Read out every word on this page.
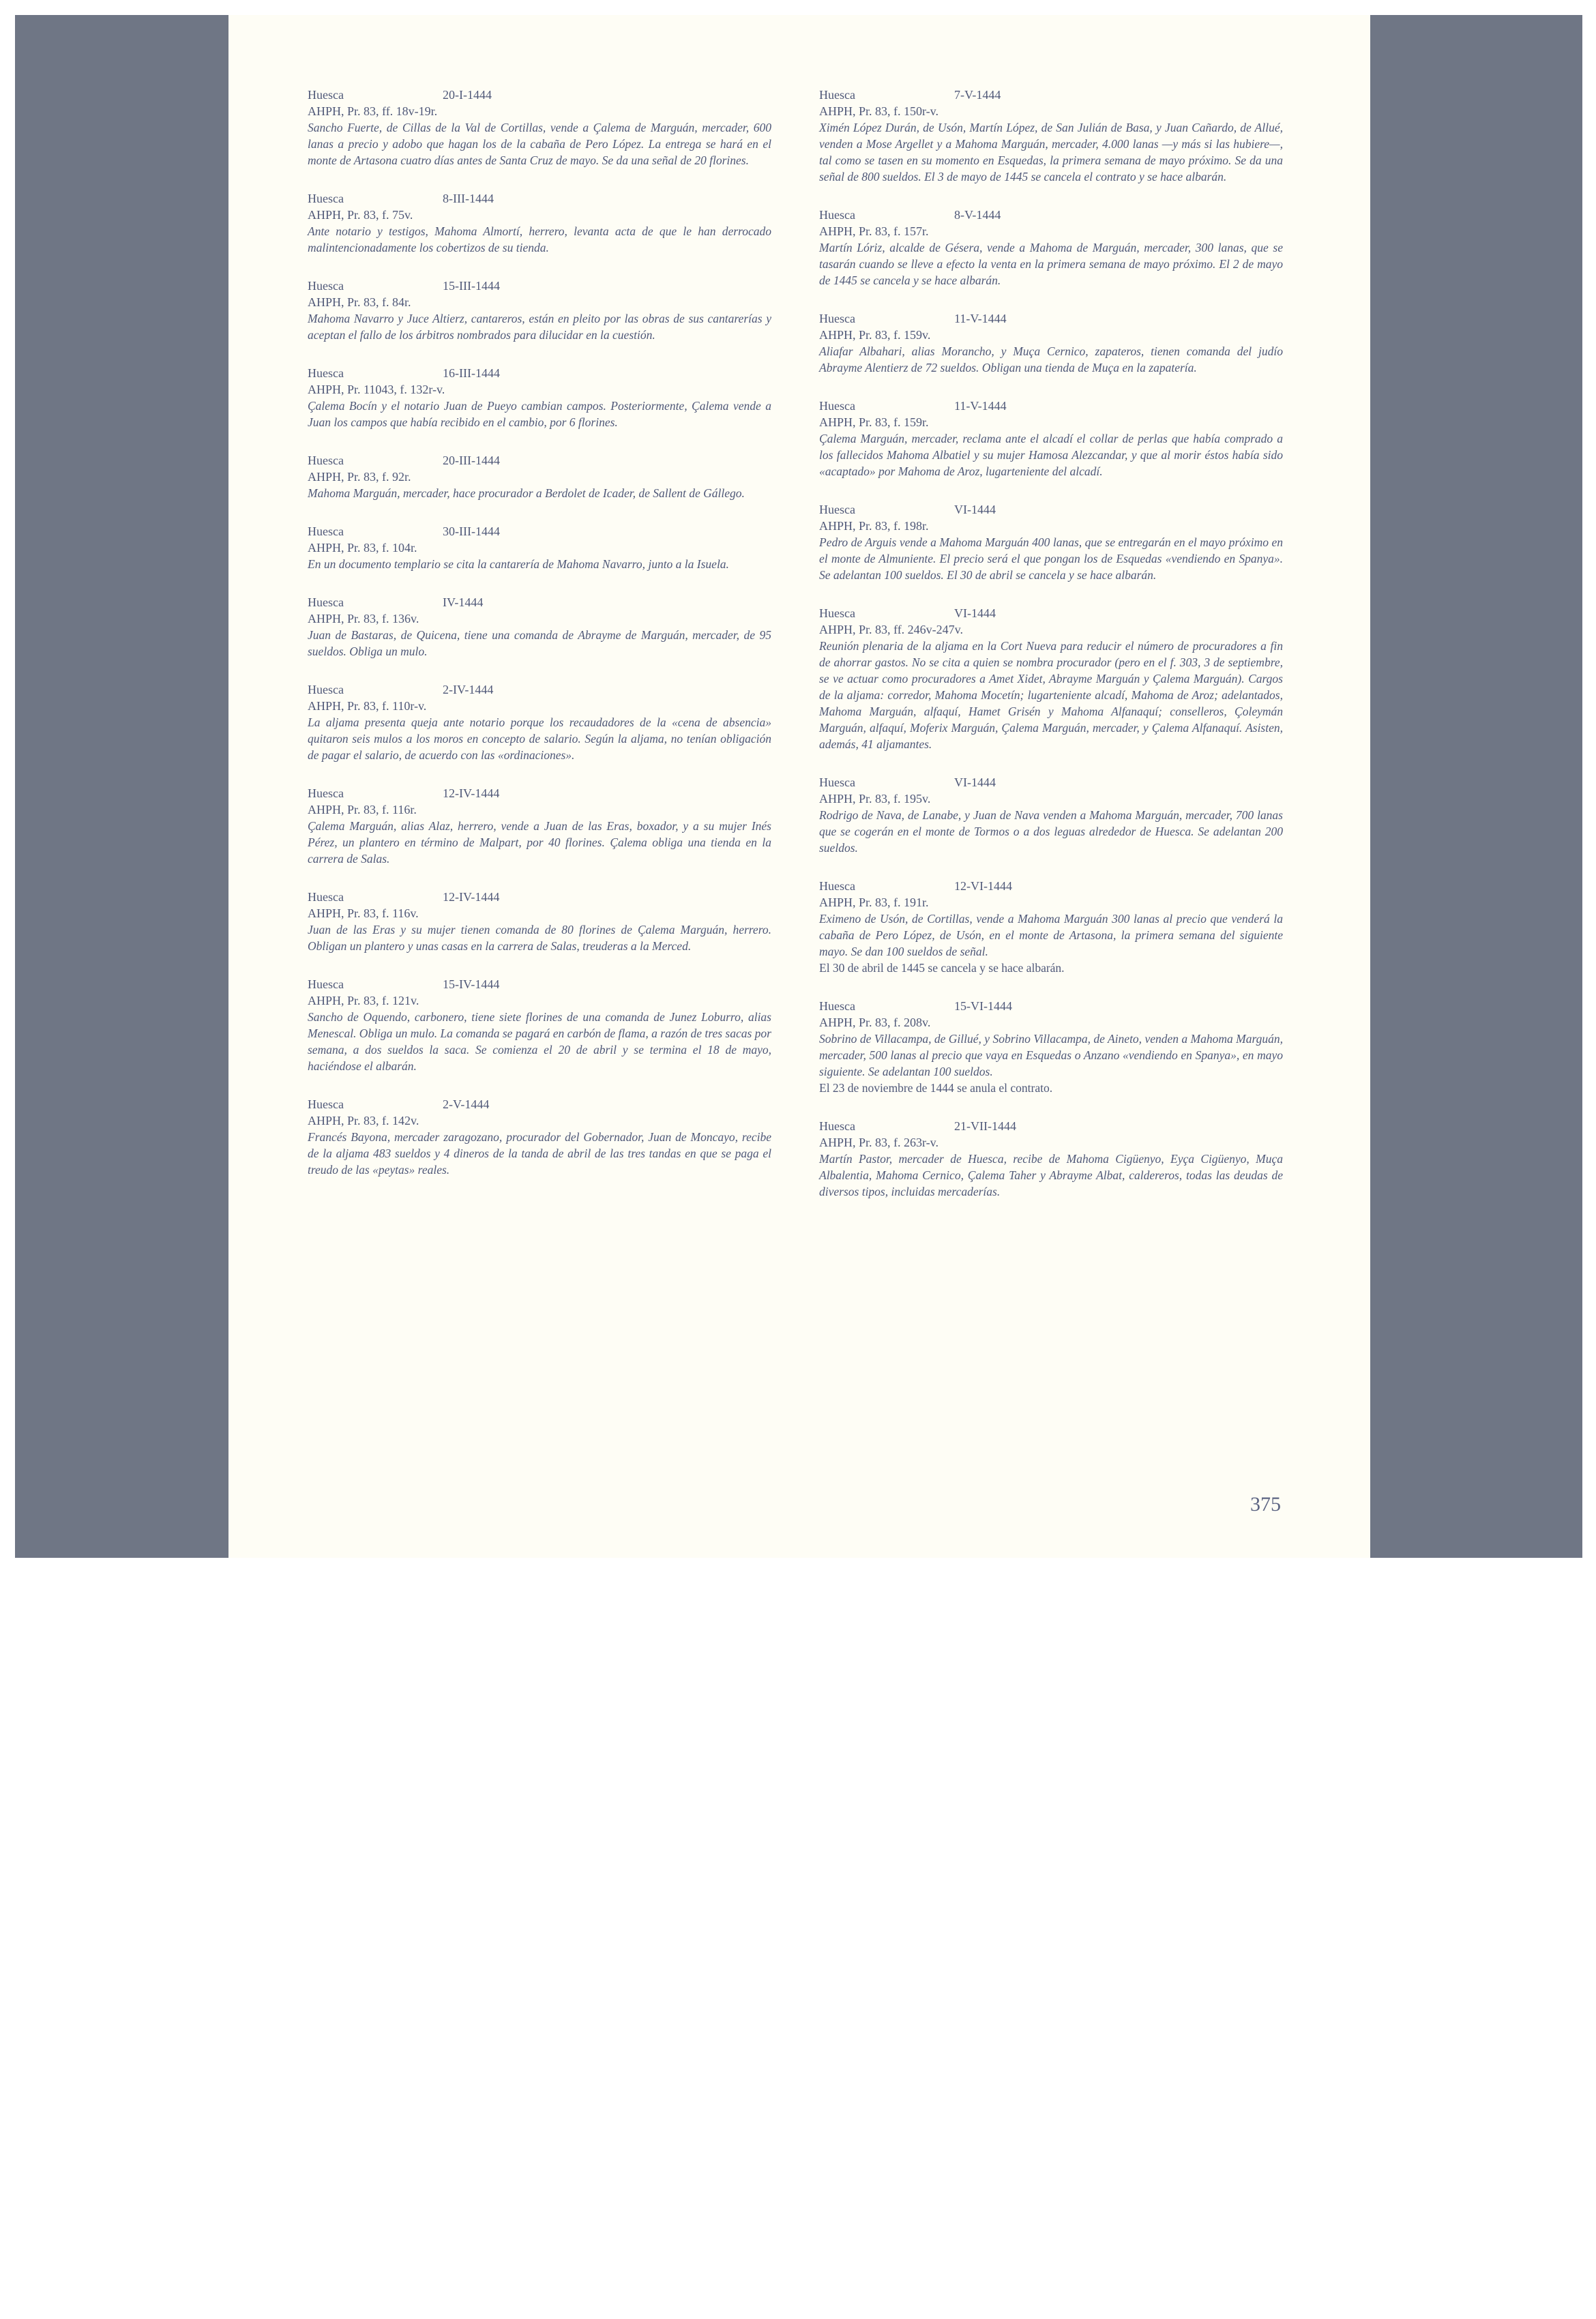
Huesca	20-I-1444
AHPH, Pr. 83, ff. 18v-19r.
Sancho Fuerte, de Cillas de la Val de Cortillas, vende a Çalema de Marguán, mercader, 600 lanas a precio y adobo que hagan los de la cabaña de Pero López. La entrega se hará en el monte de Artasona cuatro días antes de Santa Cruz de mayo. Se da una señal de 20 florines.
Huesca	8-III-1444
AHPH, Pr. 83, f. 75v.
Ante notario y testigos, Mahoma Almortí, herrero, levanta acta de que le han derrocado malintencionadamente los cobertizos de su tienda.
Huesca	15-III-1444
AHPH, Pr. 83, f. 84r.
Mahoma Navarro y Juce Altierz, cantareros, están en pleito por las obras de sus cantarerías y aceptan el fallo de los árbitros nombrados para dilucidar en la cuestión.
Huesca	16-III-1444
AHPH, Pr. 11043, f. 132r-v.
Çalema Bocín y el notario Juan de Pueyo cambian campos. Posteriormente, Çalema vende a Juan los campos que había recibido en el cambio, por 6 florines.
Huesca	20-III-1444
AHPH, Pr. 83, f. 92r.
Mahoma Marguán, mercader, hace procurador a Berdolet de Icader, de Sallent de Gállego.
Huesca	30-III-1444
AHPH, Pr. 83, f. 104r.
En un documento templario se cita la cantarería de Mahoma Navarro, junto a la Isuela.
Huesca	IV-1444
AHPH, Pr. 83, f. 136v.
Juan de Bastaras, de Quicena, tiene una comanda de Abrayme de Marguán, mercader, de 95 sueldos. Obliga un mulo.
Huesca	2-IV-1444
AHPH, Pr. 83, f. 110r-v.
La aljama presenta queja ante notario porque los recaudadores de la «cena de absencia» quitaron seis mulos a los moros en concepto de salario. Según la aljama, no tenían obligación de pagar el salario, de acuerdo con las «ordinaciones».
Huesca	12-IV-1444
AHPH, Pr. 83, f. 116r.
Çalema Marguán, alias Alaz, herrero, vende a Juan de las Eras, boxador, y a su mujer Inés Pérez, un plantero en término de Malpart, por 40 florines. Çalema obliga una tienda en la carrera de Salas.
Huesca	12-IV-1444
AHPH, Pr. 83, f. 116v.
Juan de las Eras y su mujer tienen comanda de 80 florines de Çalema Marguán, herrero. Obligan un plantero y unas casas en la carrera de Salas, treuderas a la Merced.
Huesca	15-IV-1444
AHPH, Pr. 83, f. 121v.
Sancho de Oquendo, carbonero, tiene siete florines de una comanda de Junez Loburro, alias Menescal. Obliga un mulo. La comanda se pagará en carbón de flama, a razón de tres sacas por semana, a dos sueldos la saca. Se comienza el 20 de abril y se termina el 18 de mayo, haciéndose el albarán.
Huesca	2-V-1444
AHPH, Pr. 83, f. 142v.
Francés Bayona, mercader zaragozano, procurador del Gobernador, Juan de Moncayo, recibe de la aljama 483 sueldos y 4 dineros de la tanda de abril de las tres tandas en que se paga el treudo de las «peytas» reales.
Huesca	7-V-1444
AHPH, Pr. 83, f. 150r-v.
Ximén López Durán, de Usón, Martín López, de San Julián de Basa, y Juan Cañardo, de Allué, venden a Mose Argellet y a Mahoma Marguán, mercader, 4.000 lanas —y más si las hubiere—, tal como se tasen en su momento en Esquedas, la primera semana de mayo próximo. Se da una señal de 800 sueldos. El 3 de mayo de 1445 se cancela el contrato y se hace albarán.
Huesca	8-V-1444
AHPH, Pr. 83, f. 157r.
Martín Lóriz, alcalde de Gésera, vende a Mahoma de Marguán, mercader, 300 lanas, que se tasarán cuando se lleve a efecto la venta en la primera semana de mayo próximo. El 2 de mayo de 1445 se cancela y se hace albarán.
Huesca	11-V-1444
AHPH, Pr. 83, f. 159v.
Aliafar Albahari, alias Morancho, y Muça Cernico, zapateros, tienen comanda del judío Abrayme Alentierz de 72 sueldos. Obligan una tienda de Muça en la zapatería.
Huesca	11-V-1444
AHPH, Pr. 83, f. 159r.
Çalema Marguán, mercader, reclama ante el alcadí el collar de perlas que había comprado a los fallecidos Mahoma Albatiel y su mujer Hamosa Alezcandar, y que al morir éstos había sido «acaptado» por Mahoma de Aroz, lugarteniente del alcadí.
Huesca	VI-1444
AHPH, Pr. 83, f. 198r.
Pedro de Arguis vende a Mahoma Marguán 400 lanas, que se entregarán en el mayo próximo en el monte de Almuniente. El precio será el que pongan los de Esquedas «vendiendo en Spanya». Se adelantan 100 sueldos. El 30 de abril se cancela y se hace albarán.
Huesca	VI-1444
AHPH, Pr. 83, ff. 246v-247v.
Reunión plenaria de la aljama en la Cort Nueva para reducir el número de procuradores a fin de ahorrar gastos. No se cita a quien se nombra procurador (pero en el f. 303, 3 de septiembre, se ve actuar como procuradores a Amet Xidet, Abrayme Marguán y Çalema Marguán). Cargos de la aljama: corredor, Mahoma Mocetín; lugarteniente alcadí, Mahoma de Aroz; adelantados, Mahoma Marguán, alfaquí, Hamet Grisén y Mahoma Alfanaquí; conselleros, Çoleymán Marguán, alfaquí, Moferix Marguán, Çalema Marguán, mercader, y Çalema Alfanaquí. Asisten, además, 41 aljamantes.
Huesca	VI-1444
AHPH, Pr. 83, f. 195v.
Rodrigo de Nava, de Lanabe, y Juan de Nava venden a Mahoma Marguán, mercader, 700 lanas que se cogerán en el monte de Tormos o a dos leguas alrededor de Huesca. Se adelantan 200 sueldos.
Huesca	12-VI-1444
AHPH, Pr. 83, f. 191r.
Eximeno de Usón, de Cortillas, vende a Mahoma Marguán 300 lanas al precio que venderá la cabaña de Pero López, de Usón, en el monte de Artasona, la primera semana del siguiente mayo. Se dan 100 sueldos de señal.
El 30 de abril de 1445 se cancela y se hace albarán.
Huesca	15-VI-1444
AHPH, Pr. 83, f. 208v.
Sobrino de Villacampa, de Gillué, y Sobrino Villacampa, de Aineto, venden a Mahoma Marguán, mercader, 500 lanas al precio que vaya en Esquedas o Anzano «vendiendo en Spanya», en mayo siguiente. Se adelantan 100 sueldos.
El 23 de noviembre de 1444 se anula el contrato.
Huesca	21-VII-1444
AHPH, Pr. 83, f. 263r-v.
Martín Pastor, mercader de Huesca, recibe de Mahoma Cigüenyo, Eyça Cigüenyo, Muça Albalentia, Mahoma Cernico, Çalema Taher y Abrayme Albat, caldereros, todas las deudas de diversos tipos, incluidas mercaderías.
375
